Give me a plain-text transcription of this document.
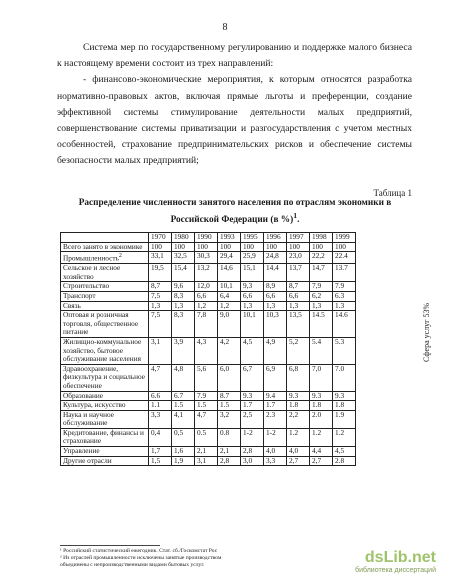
8

Система мер по государственному регулированию и поддержке малого бизнеса к настоящему времени состоит из трех направлений:

- финансово-экономические мероприятия, к которым относятся разработка нормативно-правовых актов, включая прямые льготы и преференции, создание эффективной системы стимулирование деятельности малых предприятий, совершенствование системы приватизации и разгосударствления с учетом местных особенностей, страхование предпринимательских рисков и обеспечение системы безопасности малых предприятий;

Таблица 1
Распределение численности занятого населения по отраслям экономики в Российской Федерации (в %)$^1$.
	1970	1980	1990	1993	1995	1996	1997	1998	1999
Всего занято в экономике	100	100	100	100	100	100	100	100	100
Промышленность$^2$	33,1	32,5	30,3	29,4	25,9	24,8	23,0	22,2	22.4
Сельское и лесное хозяйство	19,5	15,4	13,2	14,6	15,1	14,4	13,7	14,7	13.7
Строительство	8,7	9,6	12,0	10,1	9,3	8,9	8,7	7,9	7.9
Транспорт	7,5	8,3	6,6	6,4	6,6	6,6	6,6	6,2	6.3
Связь	1,3	1,3	1,2	1,2	1,3	1,3	1,3	1,3	1.3
Оптовая и розничная торговля, общественное питание	7,5	8,3	7,8	9,0	10,1	10,3	13,5	14.5	14.6
Жилищно-коммунальное хозяйство, бытовое обслуживание населения	3,1	3,9	4,3	4,2	4,5	4,9	5,2	5.4	5.3
Здравоохранение, физкультура и социальное обеспечение	4,7	4,8	5,6	6,0	6,7	6,9	6,8	7,0	7.0
Образование	6.6	6.7	7.9	8.7	9.3	9.4	9.3	9.3	9.3
Культура, искусство	1.1	1.5	1.5	1.5	1.7	1.7	1.8	1.8	1.8
Наука и научное обслуживание	3,3	4,1	4,7	3,2	2,5	2.3	2,2	2.0	1.9
Кредитование, финансы и страхование	0,4	0,5	0.5	0.8	1-2	1-2	1.2	1.2	1.2
Управление	1,7	1,6	2,1	2,1	2,8	4,0	4,0	4,4	4,5
Другие отрасли	1,5	1,9	3,1	2,8	3,0	3,3	2,7	2,7	2.8
Сфера услуг 53%
¹ Российский статистический ежегодник. Стат. сб./Госкомстат Рос
² Из отраслей промышленности исключены занятые производством
объединены с непроизводственными видами бытовых услуг.	dsLib.net
библиотека диссертаций
